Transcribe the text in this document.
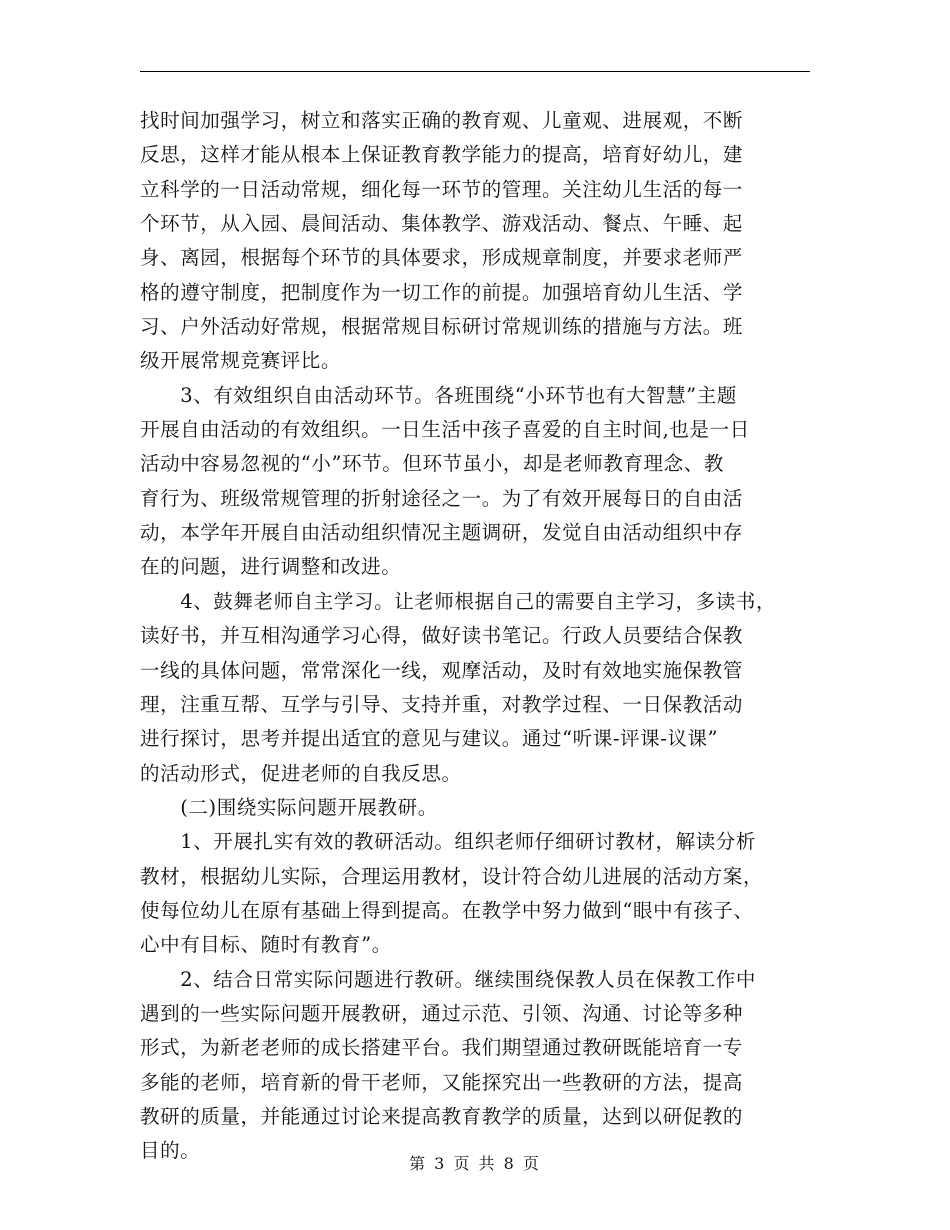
找时间加强学习，树立和落实正确的教育观、儿童观、进展观，不断
反思，这样才能从根本上保证教育教学能力的提高，培育好幼儿，建
立科学的一日活动常规，细化每一环节的管理。关注幼儿生活的每一
个环节，从入园、晨间活动、集体教学、游戏活动、餐点、午睡、起
身、离园，根据每个环节的具体要求，形成规章制度，并要求老师严
格的遵守制度，把制度作为一切工作的前提。加强培育幼儿生活、学
习、户外活动好常规，根据常规目标研讨常规训练的措施与方法。班
级开展常规竞赛评比。
　　3、有效组织自由活动环节。各班围绕“小环节也有大智慧”主题
开展自由活动的有效组织。一日生活中孩子喜爱的自主时间,也是一日
活动中容易忽视的“小”环节。但环节虽小，却是老师教育理念、教
育行为、班级常规管理的折射途径之一。为了有效开展每日的自由活
动，本学年开展自由活动组织情况主题调研，发觉自由活动组织中存
在的问题，进行调整和改进。
　　4、鼓舞老师自主学习。让老师根据自己的需要自主学习，多读书，
读好书，并互相沟通学习心得，做好读书笔记。行政人员要结合保教
一线的具体问题，常常深化一线，观摩活动，及时有效地实施保教管
理，注重互帮、互学与引导、支持并重，对教学过程、一日保教活动
进行探讨，思考并提出适宜的意见与建议。通过“听课-评课-议课”
的活动形式，促进老师的自我反思。
　　(二)围绕实际问题开展教研。
　　1、开展扎实有效的教研活动。组织老师仔细研讨教材，解读分析
教材，根据幼儿实际，合理运用教材，设计符合幼儿进展的活动方案，
使每位幼儿在原有基础上得到提高。在教学中努力做到“眼中有孩子、
心中有目标、随时有教育”。
　　2、结合日常实际问题进行教研。继续围绕保教人员在保教工作中
遇到的一些实际问题开展教研，通过示范、引领、沟通、讨论等多种
形式，为新老老师的成长搭建平台。我们期望通过教研既能培育一专
多能的老师，培育新的骨干老师，又能探究出一些教研的方法，提高
教研的质量，并能通过讨论来提高教育教学的质量，达到以研促教的
目的。
第 3 页 共 8 页
